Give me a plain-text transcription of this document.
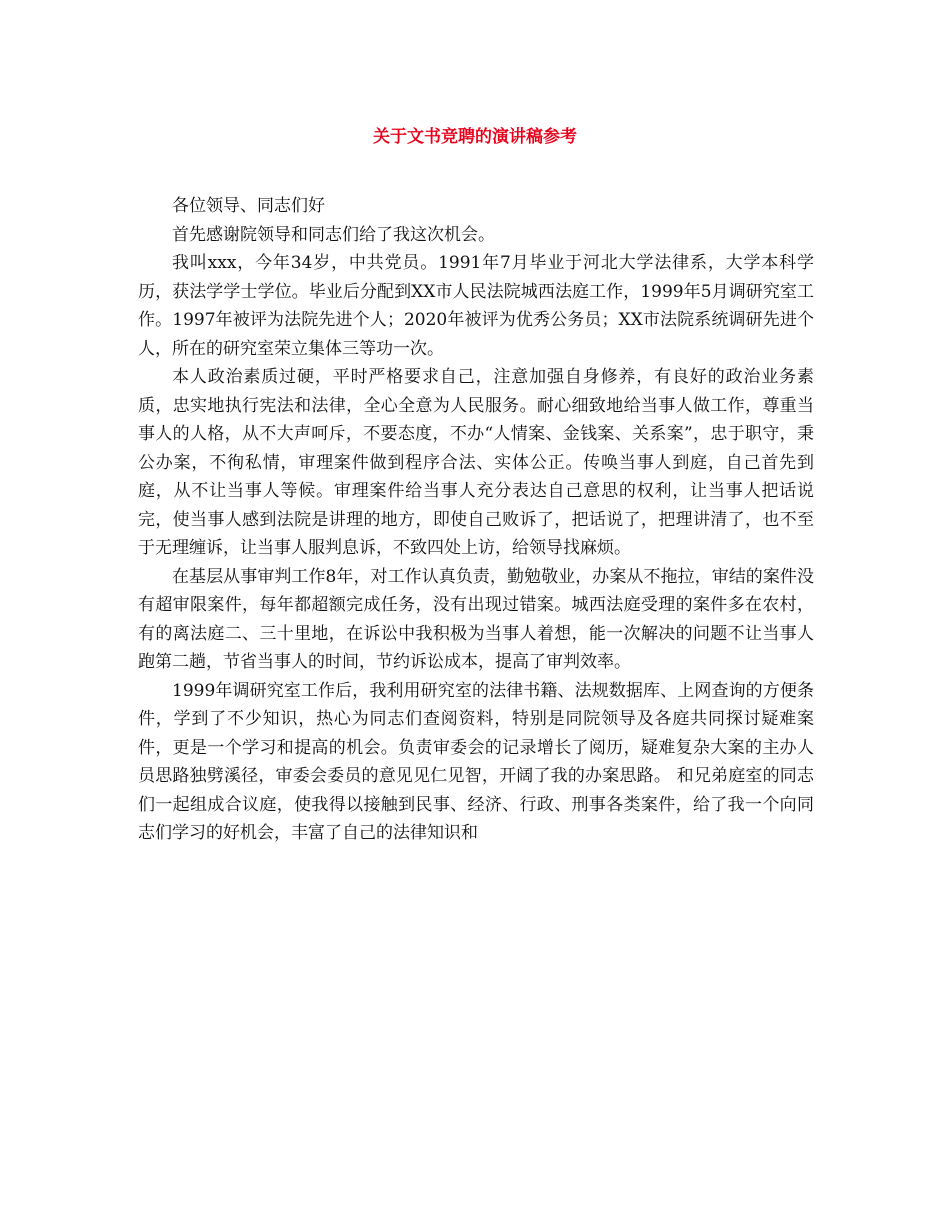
关于文书竞聘的演讲稿参考

各位领导、同志们好

首先感谢院领导和同志们给了我这次机会。

我叫xxx，今年34岁，中共党员。1991年7月毕业于河北大学法律系，大学本科学历，获法学学士学位。毕业后分配到XX市人民法院城西法庭工作，1999年5月调研究室工作。1997年被评为法院先进个人；2020年被评为优秀公务员；XX市法院系统调研先进个人，所在的研究室荣立集体三等功一次。

本人政治素质过硬，平时严格要求自己，注意加强自身修养，有良好的政治业务素质，忠实地执行宪法和法律，全心全意为人民服务。耐心细致地给当事人做工作，尊重当事人的人格，从不大声呵斥，不要态度，不办“人情案、金钱案、关系案”，忠于职守，秉公办案，不徇私情，审理案件做到程序合法、实体公正。传唤当事人到庭，自己首先到庭，从不让当事人等候。审理案件给当事人充分表达自己意思的权利，让当事人把话说完，使当事人感到法院是讲理的地方，即使自己败诉了，把话说了，把理讲清了，也不至于无理缠诉，让当事人服判息诉，不致四处上访，给领导找麻烦。

在基层从事审判工作8年，对工作认真负责，勤勉敬业，办案从不拖拉，审结的案件没有超审限案件，每年都超额完成任务，没有出现过错案。城西法庭受理的案件多在农村，有的离法庭二、三十里地，在诉讼中我积极为当事人着想，能一次解决的问题不让当事人跑第二趟，节省当事人的时间，节约诉讼成本，提高了审判效率。

1999年调研究室工作后，我利用研究室的法律书籍、法规数据库、上网查询的方便条件，学到了不少知识，热心为同志们查阅资料，特别是同院领导及各庭共同探讨疑难案件，更是一个学习和提高的机会。负责审委会的记录增长了阅历，疑难复杂大案的主办人员思路独劈溪径，审委会委员的意见见仁见智，开阔了我的办案思路。 和兄弟庭室的同志们一起组成合议庭，使我得以接触到民事、经济、行政、刑事各类案件，给了我一个向同志们学习的好机会，丰富了自己的法律知识和
